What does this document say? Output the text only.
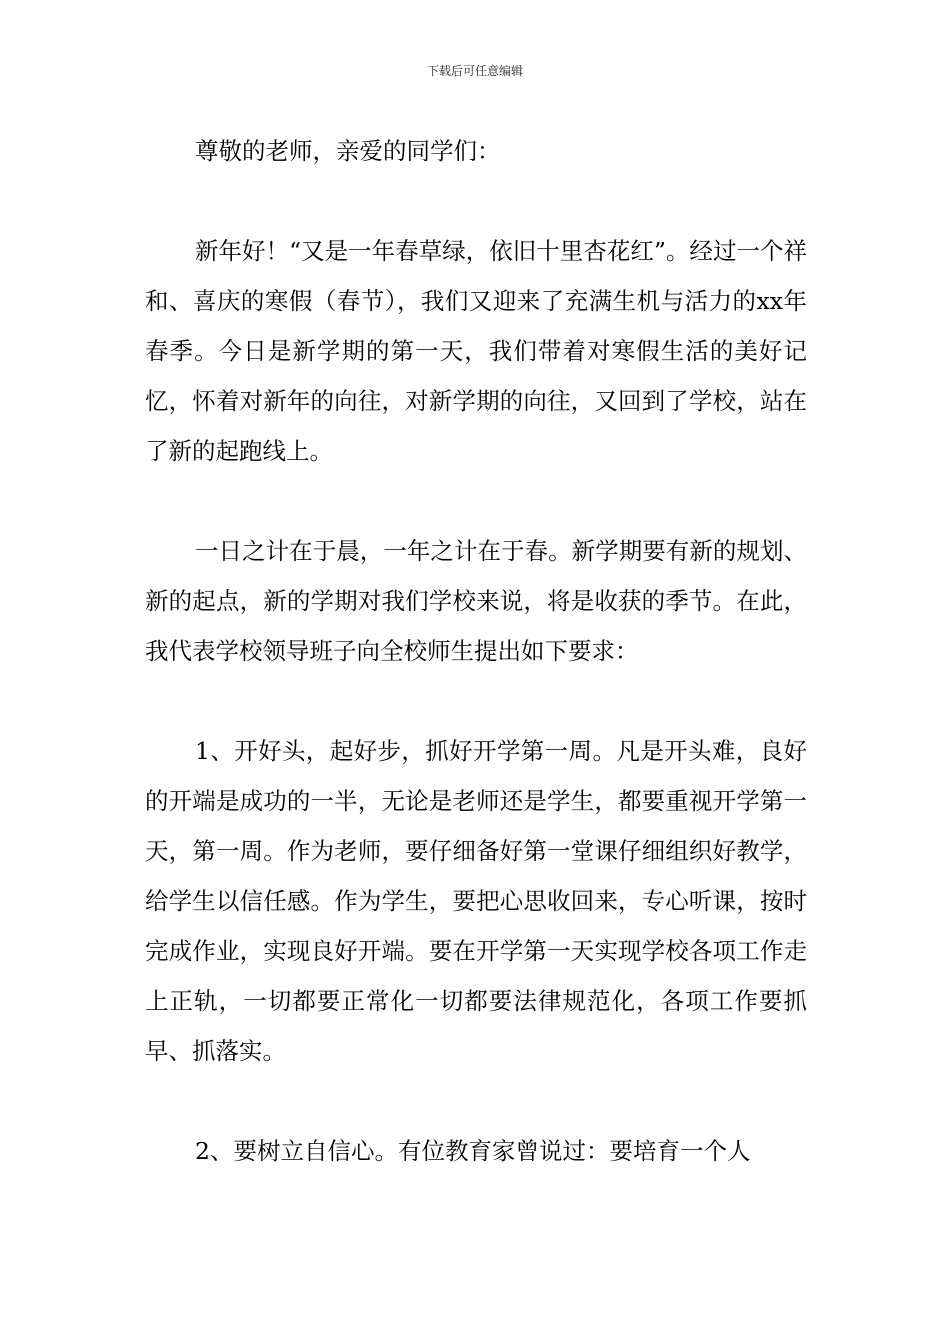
下载后可任意编辑

尊敬的老师，亲爱的同学们：

新年好！“又是一年春草绿，依旧十里杏花红”。经过一个祥和、喜庆的寒假（春节），我们又迎来了充满生机与活力的xx年春季。今日是新学期的第一天，我们带着对寒假生活的美好记忆，怀着对新年的向往，对新学期的向往，又回到了学校，站在了新的起跑线上。

一日之计在于晨，一年之计在于春。新学期要有新的规划、新的起点，新的学期对我们学校来说，将是收获的季节。在此，我代表学校领导班子向全校师生提出如下要求：

1、开好头，起好步，抓好开学第一周。凡是开头难，良好的开端是成功的一半，无论是老师还是学生，都要重视开学第一天，第一周。作为老师，要仔细备好第一堂课仔细组织好教学，给学生以信任感。作为学生，要把心思收回来，专心听课，按时完成作业，实现良好开端。要在开学第一天实现学校各项工作走上正轨，一切都要正常化一切都要法律规范化，各项工作要抓早、抓落实。

2、要树立自信心。有位教育家曾说过：要培育一个人
